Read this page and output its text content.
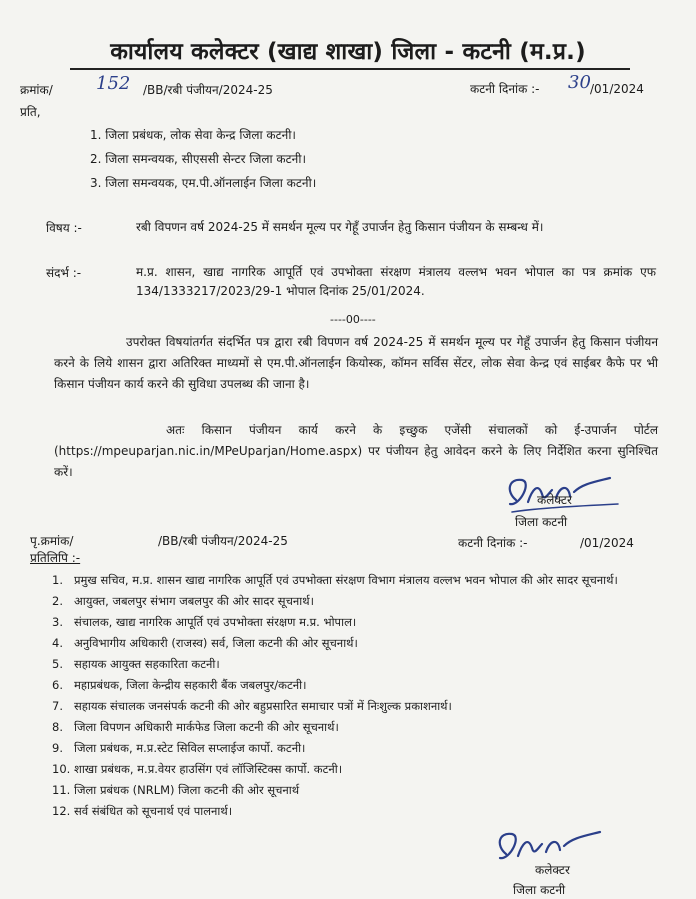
कार्यालय कलेक्टर (खाद्य शाखा) जिला - कटनी (म.प्र.)
क्रमांक/ 152 /BB/रबी पंजीयन/2024-25	कटनी दिनांक :- 30 /01/2024
प्रति,
1. जिला प्रबंधक, लोक सेवा केन्द्र जिला कटनी।
2. जिला समन्वयक, सीएससी सेन्टर जिला कटनी।
3. जिला समन्वयक, एम.पी.ऑनलाईन जिला कटनी।
विषय :-	रबी विपणन वर्ष 2024-25 में समर्थन मूल्य पर गेहूँ उपार्जन हेतु किसान पंजीयन के सम्बन्ध में।
संदर्भ :-	म.प्र. शासन, खाद्य नागरिक आपूर्ति एवं उपभोक्ता संरक्षण मंत्रालय वल्लभ भवन भोपाल का पत्र क्रमांक एफ 134/1333217/2023/29-1 भोपाल दिनांक 25/01/2024.
----00----
उपरोक्त विषयांतर्गत संदर्भित पत्र द्वारा रबी विपणन वर्ष 2024-25 में समर्थन मूल्य पर गेहूँ उपार्जन हेतु किसान पंजीयन करने के लिये शासन द्वारा अतिरिक्त माध्यमों से एम.पी.ऑनलाईन कियोस्क, कॉमन सर्विस सेंटर, लोक सेवा केन्द्र एवं साईबर कैफे पर भी किसान पंजीयन कार्य करने की सुविधा उपलब्ध की जाना है।
अतः किसान पंजीयन कार्य करने के इच्छुक एजेंसी संचालकों को ई-उपार्जन पोर्टल (https://mpeuparjan.nic.in/MPeUparjan/Home.aspx) पर पंजीयन हेतु आवेदन करने के लिए निर्देशित करना सुनिश्चित करें।
कलेक्टर
जिला कटनी
पृ.क्रमांक/	/BB/रबी पंजीयन/2024-25	कटनी दिनांक :-	/01/2024
प्रतिलिपि :-
1. प्रमुख सचिव, म.प्र. शासन खाद्य नागरिक आपूर्ति एवं उपभोक्ता संरक्षण विभाग मंत्रालय वल्लभ भवन भोपाल की ओर सादर सूचनार्थ।
2. आयुक्त, जबलपुर संभाग जबलपुर की ओर सादर सूचनार्थ।
3. संचालक, खाद्य नागरिक आपूर्ति एवं उपभोक्ता संरक्षण म.प्र. भोपाल।
4. अनुविभागीय अधिकारी (राजस्व) सर्व, जिला कटनी की ओर सूचनार्थ।
5. सहायक आयुक्त सहकारिता कटनी।
6. महाप्रबंधक, जिला केन्द्रीय सहकारी बैंक जबलपुर/कटनी।
7. सहायक संचालक जनसंपर्क कटनी की ओर बहुप्रसारित समाचार पत्रों में निःशुल्क प्रकाशनार्थ।
8. जिला विपणन अधिकारी मार्कफेड जिला कटनी की ओर सूचनार्थ।
9. जिला प्रबंधक, म.प्र.स्टेट सिविल सप्लाईज कार्पो. कटनी।
10. शाखा प्रबंधक, म.प्र.वेयर हाउसिंग एवं लॉजिस्टिक्स कार्पो. कटनी।
11. जिला प्रबंधक (NRLM) जिला कटनी की ओर सूचनार्थ
12. सर्व संबंधित को सूचनार्थ एवं पालनार्थ।
कलेक्टर
जिला कटनी
